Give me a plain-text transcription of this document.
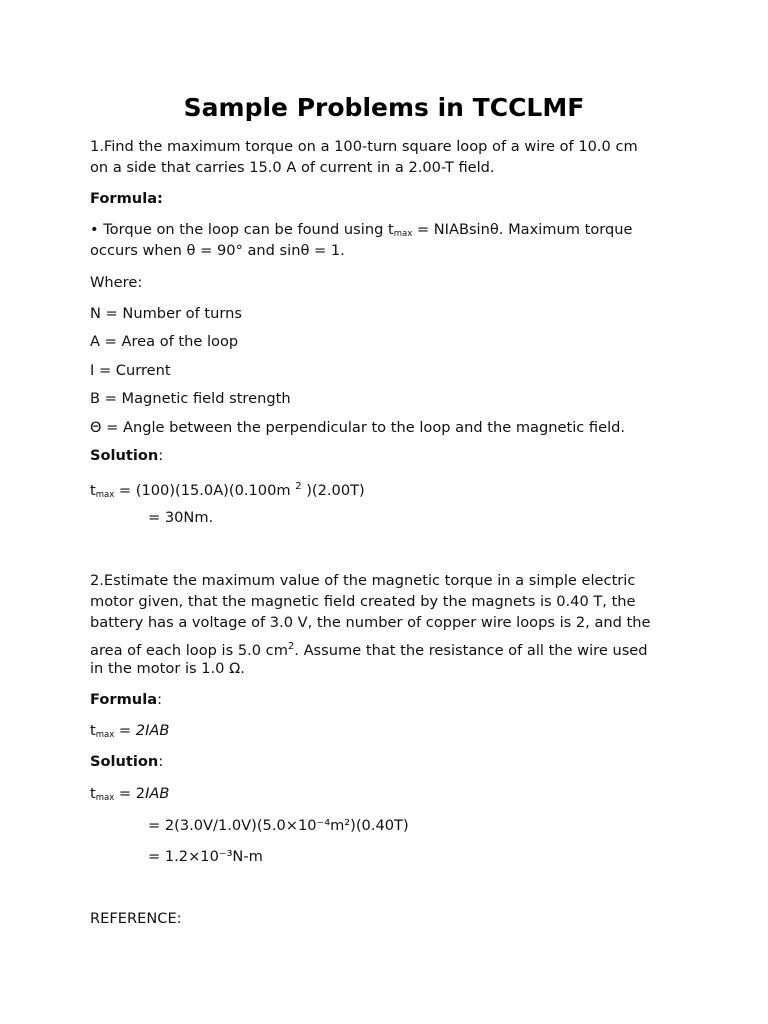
Sample Problems in TCCLMF
1.Find the maximum torque on a 100-turn square loop of a wire of 10.0 cm
on a side that carries 15.0 A of current in a 2.00-T field.
Formula:
• Torque on the loop can be found using $t_{max}$ = NIABsinθ. Maximum torque
occurs when θ = 90° and sinθ = 1.
Where:
N = Number of turns
A = Area of the loop
I = Current
B = Magnetic field strength
Θ = Angle between the perpendicular to the loop and the magnetic field.
Solution:
$t_{max} = (100)(15.0A)(0.100m$ $^2$ )(2.00T)
= 30Nm.
2.Estimate the maximum value of the magnetic torque in a simple electric
motor given, that the magnetic field created by the magnets is 0.40 T, the
battery has a voltage of 3.0 V, the number of copper wire loops is 2, and the
area of each loop is 5.0 $cm^2$. Assume that the resistance of all the wire used
in the motor is 1.0 Ω.
Formula:
$t_{max} = 2IAB$
Solution:
$t_{max} = 2IAB$
= 2(3.0V/1.0V)(5.0×10⁻⁴m²)(0.40T)
= 1.2×10⁻³N-m
REFERENCE:
